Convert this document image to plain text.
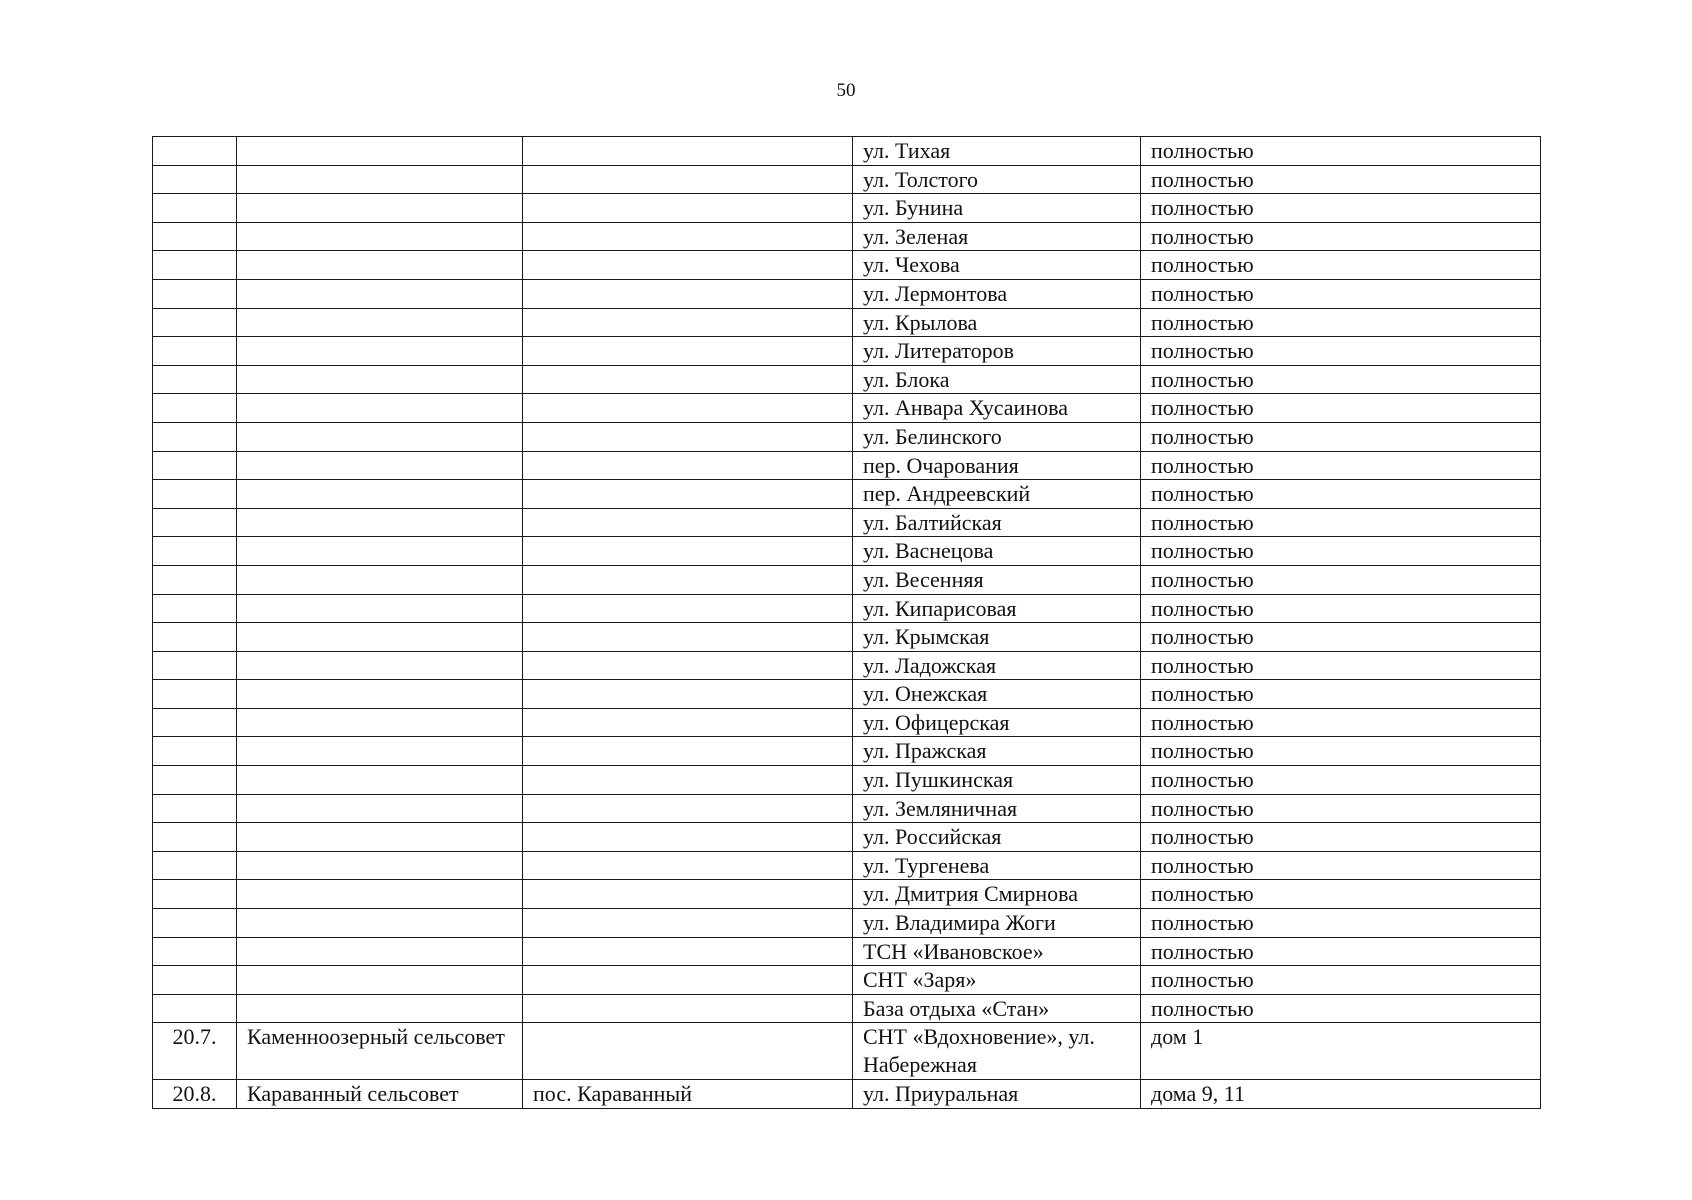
50
			ул. Тихая	полностью
			ул. Толстого	полностью
			ул. Бунина	полностью
			ул. Зеленая	полностью
			ул. Чехова	полностью
			ул. Лермонтова	полностью
			ул. Крылова	полностью
			ул. Литераторов	полностью
			ул. Блока	полностью
			ул. Анвара Хусаинова	полностью
			ул. Белинского	полностью
			пер. Очарования	полностью
			пер. Андреевский	полностью
			ул. Балтийская	полностью
			ул. Васнецова	полностью
			ул. Весенняя	полностью
			ул. Кипарисовая	полностью
			ул. Крымская	полностью
			ул. Ладожская	полностью
			ул. Онежская	полностью
			ул. Офицерская	полностью
			ул. Пражская	полностью
			ул. Пушкинская	полностью
			ул. Земляничная	полностью
			ул. Российская	полностью
			ул. Тургенева	полностью
			ул. Дмитрия Смирнова	полностью
			ул. Владимира Жоги	полностью
			ТСН «Ивановское»	полностью
			СНТ «Заря»	полностью
			База отдыха «Стан»	полностью
20.7.	Каменноозерный сельсовет		СНТ «Вдохновение», ул. Набережная	дом 1
20.8.	Караванный сельсовет	пос. Караванный	ул. Приуральная	дома 9, 11
